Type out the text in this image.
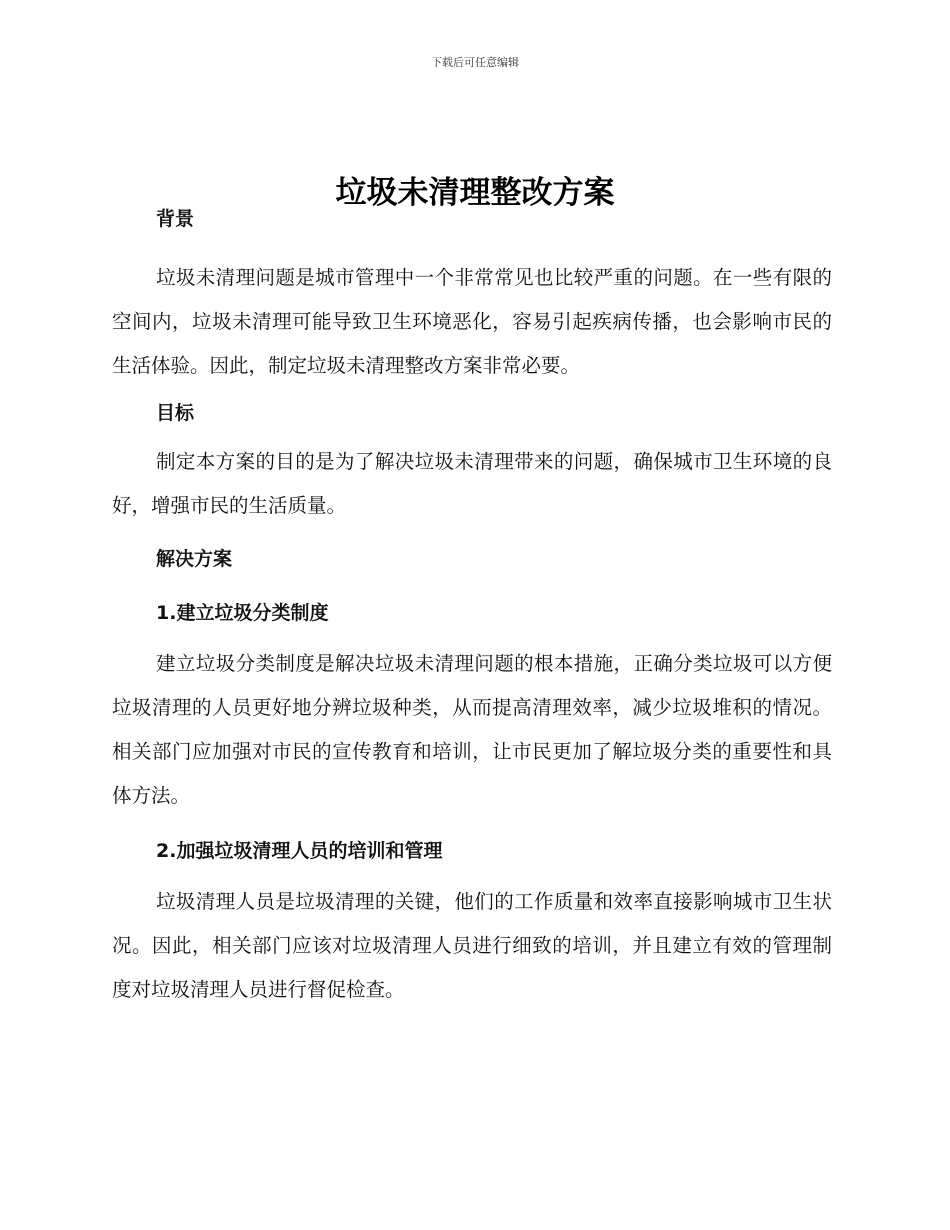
下载后可任意编辑
垃圾未清理整改方案
背景

垃圾未清理问题是城市管理中一个非常常见也比较严重的问题。在一些有限的空间内，垃圾未清理可能导致卫生环境恶化，容易引起疾病传播，也会影响市民的生活体验。因此，制定垃圾未清理整改方案非常必要。

目标

制定本方案的目的是为了解决垃圾未清理带来的问题，确保城市卫生环境的良好，增强市民的生活质量。

解决方案
1.建立垃圾分类制度

建立垃圾分类制度是解决垃圾未清理问题的根本措施，正确分类垃圾可以方便垃圾清理的人员更好地分辨垃圾种类，从而提高清理效率，减少垃圾堆积的情况。相关部门应加强对市民的宣传教育和培训，让市民更加了解垃圾分类的重要性和具体方法。

2.加强垃圾清理人员的培训和管理

垃圾清理人员是垃圾清理的关键，他们的工作质量和效率直接影响城市卫生状况。因此，相关部门应该对垃圾清理人员进行细致的培训，并且建立有效的管理制度对垃圾清理人员进行督促检查。
